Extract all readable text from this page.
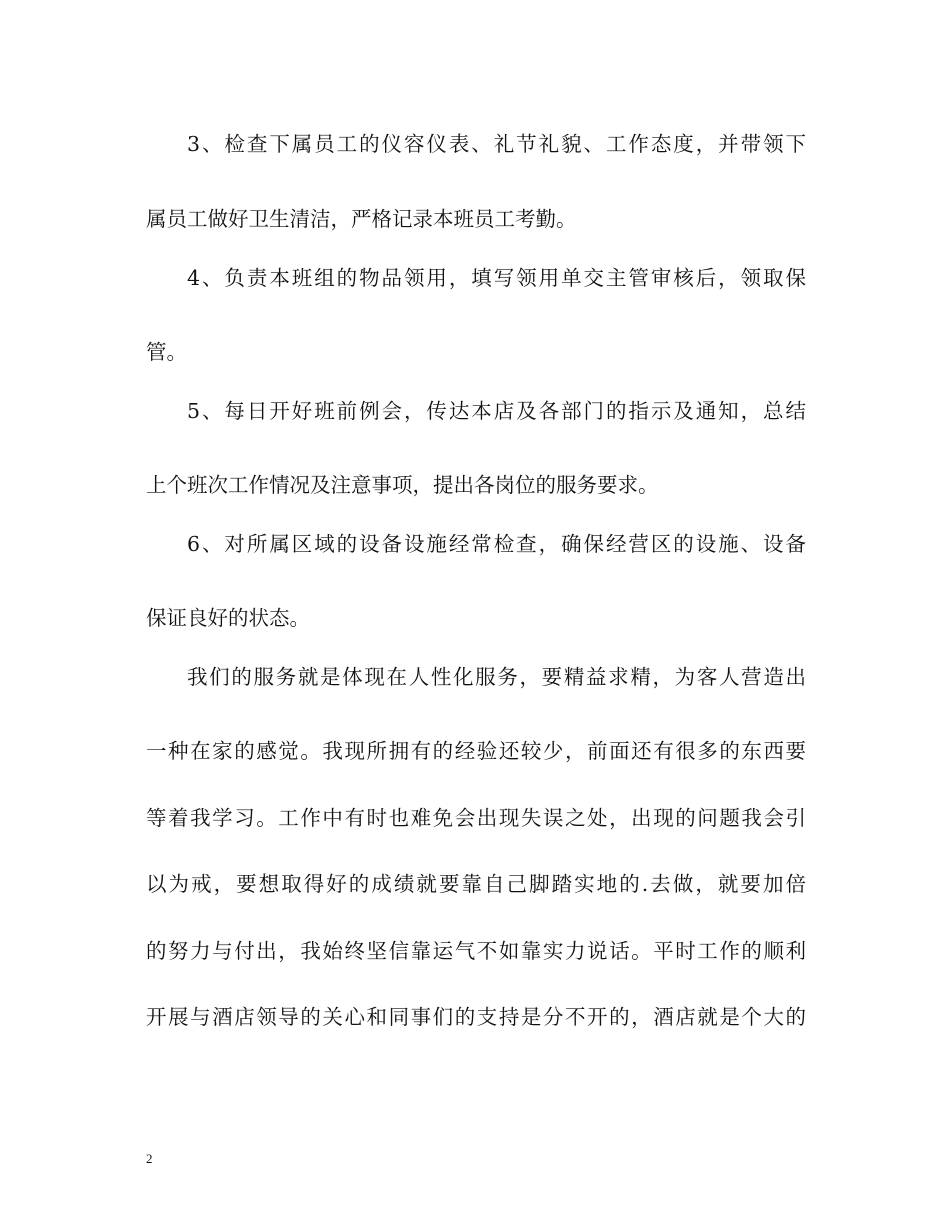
3、检查下属员工的仪容仪表、礼节礼貌、工作态度，并带领下
属员工做好卫生清洁，严格记录本班员工考勤。
4、负责本班组的物品领用，填写领用单交主管审核后，领取保
管。
5、每日开好班前例会，传达本店及各部门的指示及通知，总结
上个班次工作情况及注意事项，提出各岗位的服务要求。
6、对所属区域的设备设施经常检查，确保经营区的设施、设备
保证良好的状态。
我们的服务就是体现在人性化服务，要精益求精，为客人营造出
一种在家的感觉。我现所拥有的经验还较少，前面还有很多的东西要
等着我学习。工作中有时也难免会出现失误之处，出现的问题我会引
以为戒，要想取得好的成绩就要靠自己脚踏实地的.去做，就要加倍
的努力与付出，我始终坚信靠运气不如靠实力说话。平时工作的顺利
开展与酒店领导的关心和同事们的支持是分不开的，酒店就是个大的
2
